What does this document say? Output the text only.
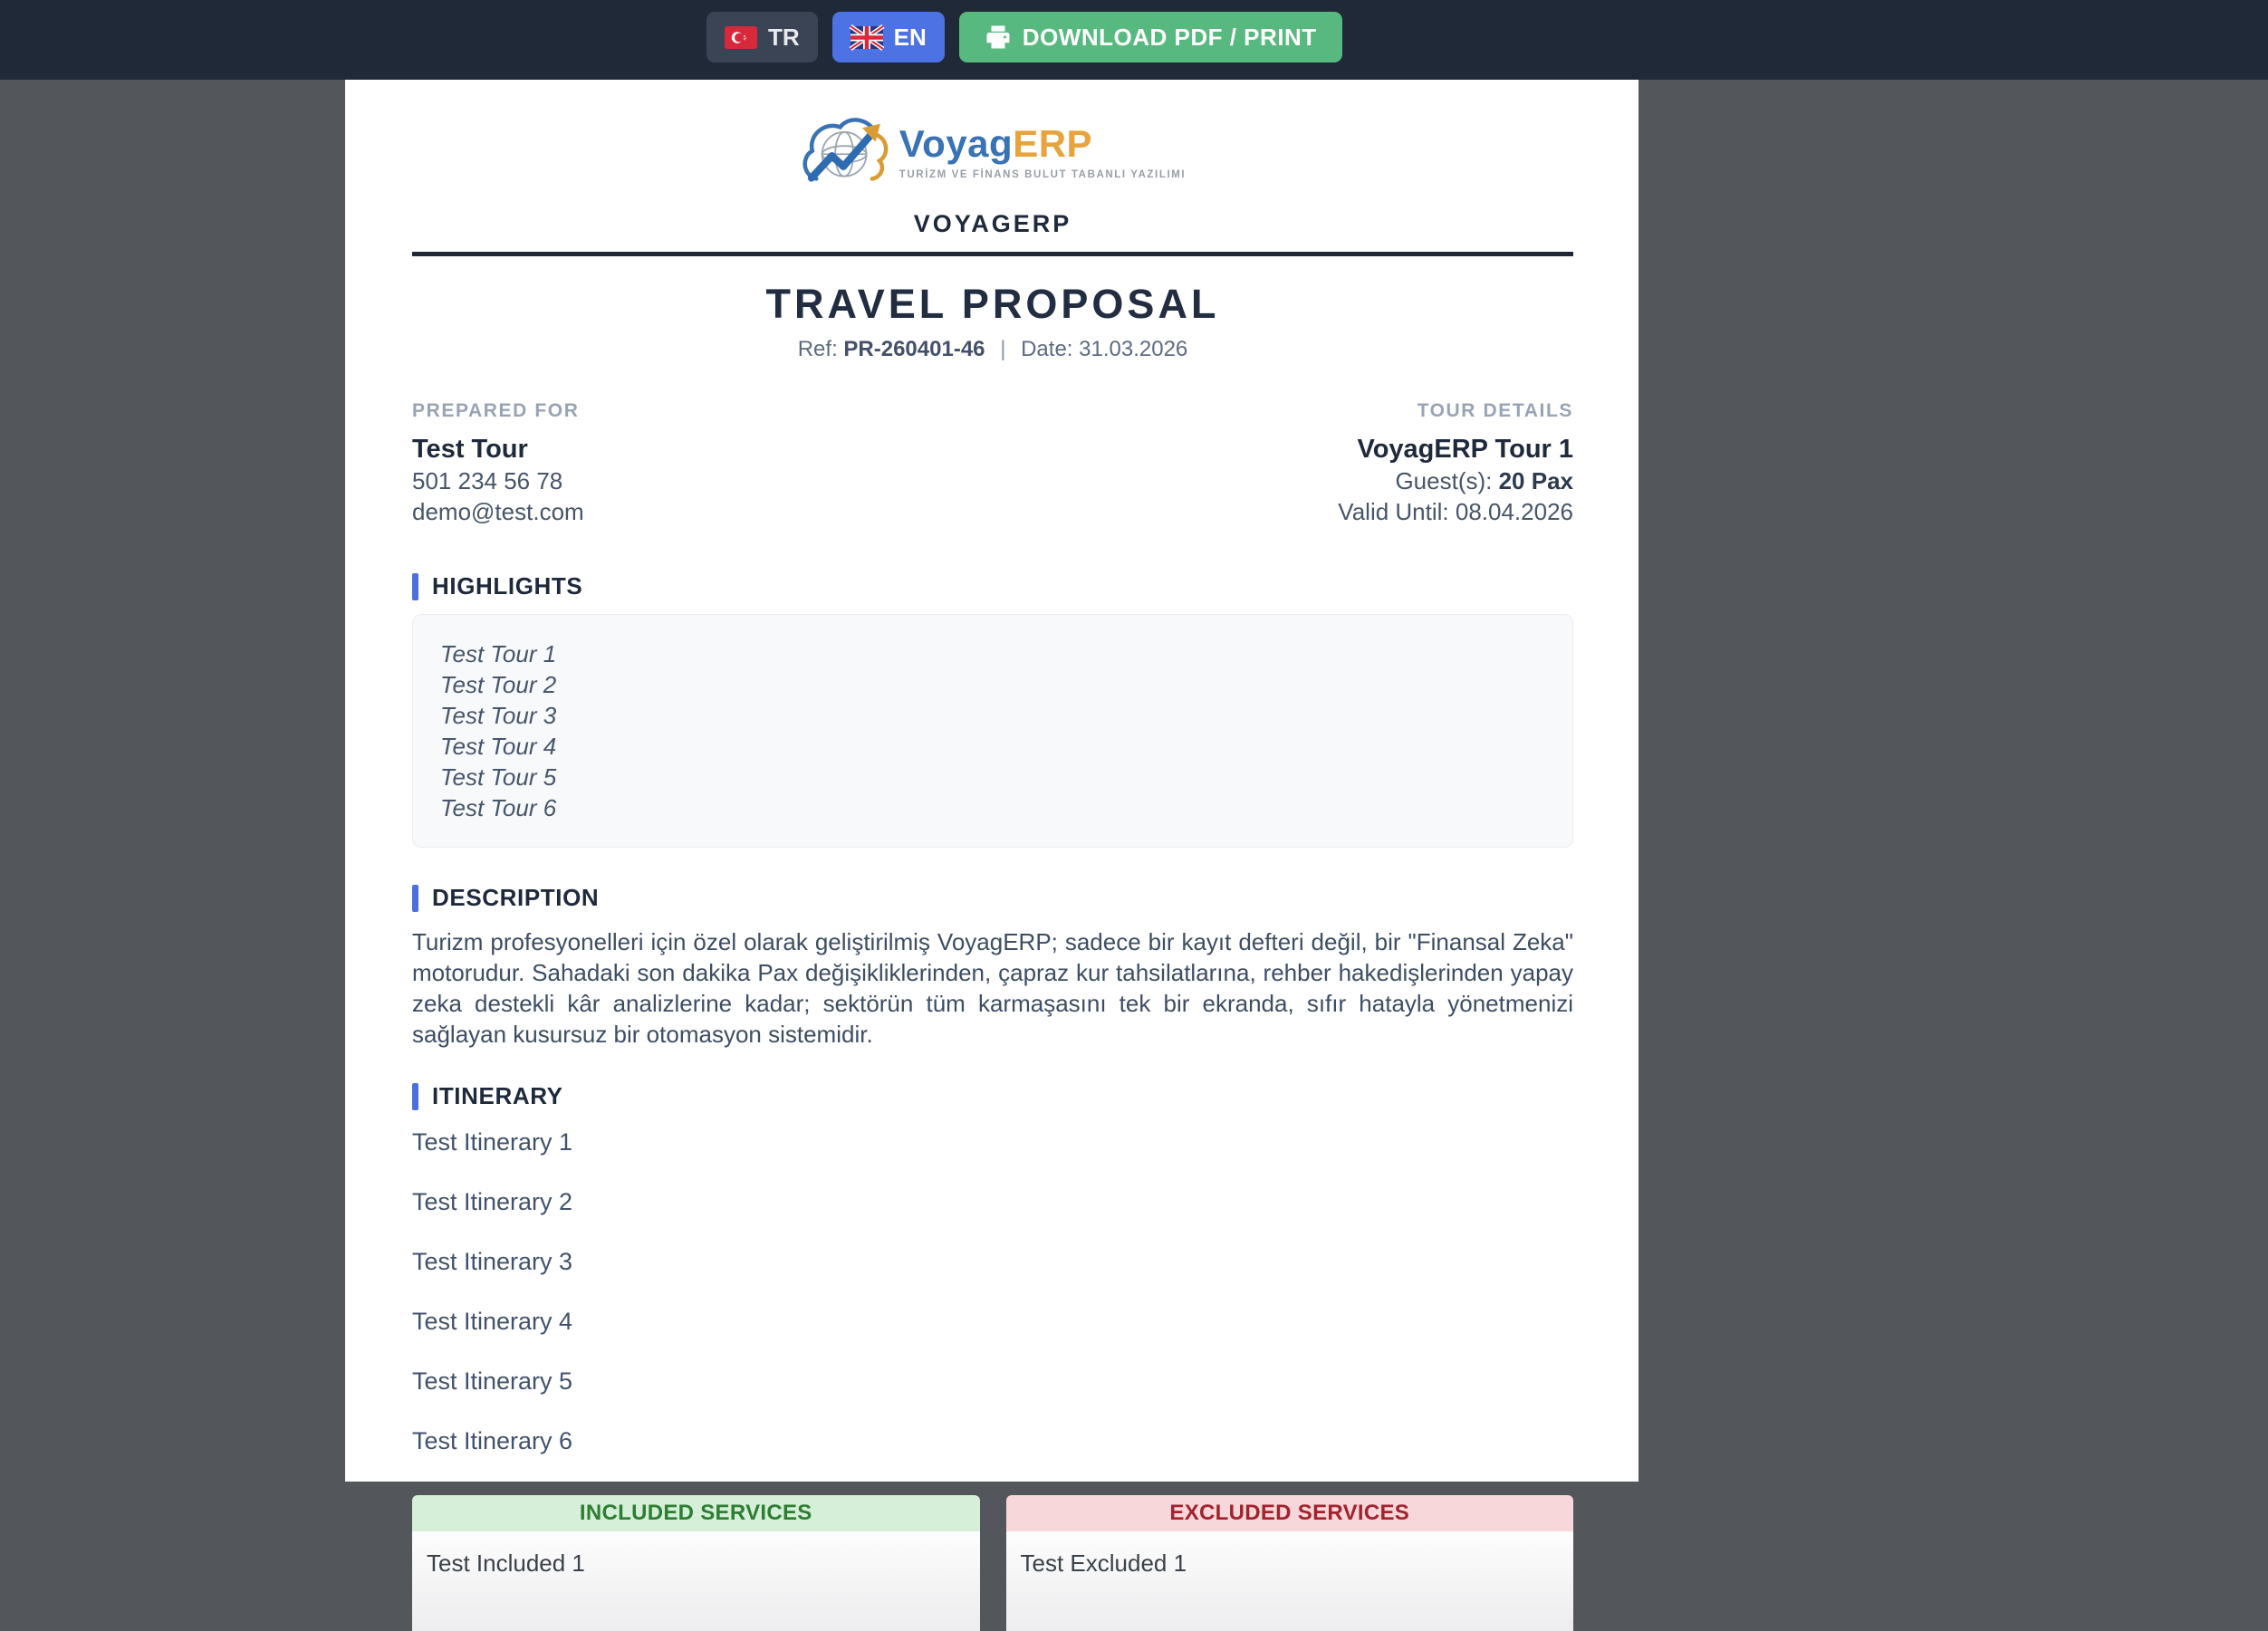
TR	EN	DOWNLOAD PDF / PRINT
VoyagERP
TURİZM VE FİNANS BULUT TABANLI YAZILIMI
VOYAGERP
TRAVEL PROPOSAL
Ref: PR-260401-46 | Date: 31.03.2026
PREPARED FOR
Test Tour
501 234 56 78
demo@test.com
TOUR DETAILS
VoyagERP Tour 1
Guest(s): 20 Pax
Valid Until: 08.04.2026
HIGHLIGHTS
Test Tour 1
Test Tour 2
Test Tour 3
Test Tour 4
Test Tour 5
Test Tour 6
DESCRIPTION
Turizm profesyonelleri için özel olarak geliştirilmiş VoyagERP; sadece bir kayıt defteri değil, bir "Finansal Zeka" motorudur. Sahadaki son dakika Pax değişikliklerinden, çapraz kur tahsilatlarına, rehber hakedişlerinden yapay zeka destekli kâr analizlerine kadar; sektörün tüm karmaşasını tek bir ekranda, sıfır hatayla yönetmenizi sağlayan kusursuz bir otomasyon sistemidir.
ITINERARY
Test Itinerary 1
Test Itinerary 2
Test Itinerary 3
Test Itinerary 4
Test Itinerary 5
Test Itinerary 6
INCLUDED SERVICES
Test Included 1
EXCLUDED SERVICES
Test Excluded 1
